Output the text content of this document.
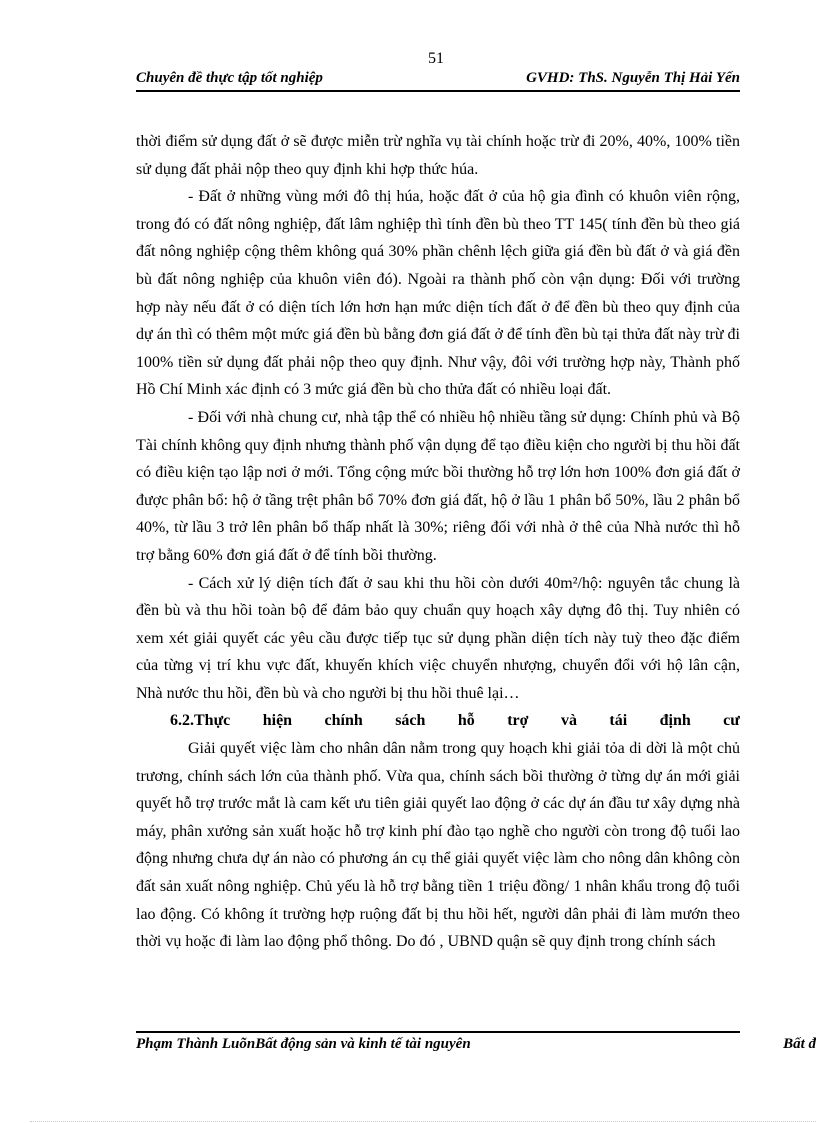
51
Chuyên đề thực tập tốt nghiệp	GVHD: ThS. Nguyễn Thị Hải Yến

thời điểm sử dụng đất ở sẽ được miễn trừ nghĩa vụ tài chính hoặc trừ đi 20%, 40%, 100% tiền sử dụng đất phải nộp theo quy định khi hợp thức húa.

- Đất ở những vùng mới đô thị húa, hoặc đất ở của hộ gia đình có khuôn viên rộng, trong đó có đất nông nghiệp, đất lâm nghiệp thì tính đền bù theo TT 145( tính đền bù theo giá đất nông nghiệp cộng thêm không quá 30% phần chênh lệch giữa giá đền bù đất ở và giá đền bù đất nông nghiệp của khuôn viên đó). Ngoài ra thành phố còn vận dụng: Đối với trường hợp này nếu đất ở có diện tích lớn hơn hạn mức diện tích đất ở để đền bù theo quy định của dự án thì có thêm một mức giá đền bù bằng đơn giá đất ở để tính đền bù tại thửa đất này trừ đi 100% tiền sử dụng đất phải nộp theo quy định. Như vậy, đôi với trường hợp này, Thành phố Hồ Chí Minh xác định có 3 mức giá đền bù cho thửa đất có nhiều loại đất.

- Đối với nhà chung cư, nhà tập thể có nhiều hộ nhiều tầng sử dụng: Chính phủ và Bộ Tài chính không quy định nhưng thành phố vận dụng để tạo điều kiện cho người bị thu hồi đất có điều kiện tạo lập nơi ở mới. Tổng cộng mức bồi thường hỗ trợ lớn hơn 100% đơn giá đất ở được phân bổ: hộ ở tầng trệt phân bổ 70% đơn giá đất, hộ ở lầu 1 phân bổ 50%, lầu 2 phân bổ 40%, từ lầu 3 trở lên phân bổ thấp nhất là 30%; riêng đối với nhà ở thê của Nhà nước thì hỗ trợ bằng 60% đơn giá đất ở để tính bồi thường.

- Cách xử lý diện tích đất ở sau khi thu hồi còn dưới 40m²/hộ: nguyên tắc chung là đền bù và thu hồi toàn bộ để đảm bảo quy chuẩn quy hoạch xây dựng đô thị. Tuy nhiên có xem xét giải quyết các yêu cầu được tiếp tục sử dụng phần diện tích này tuỳ theo đặc điểm của từng vị trí khu vực đất, khuyến khích việc chuyển nhượng, chuyển đổi với hộ lân cận, Nhà nước thu hồi, đền bù và cho người bị thu hồi thuê lại…

6.2.Thực hiện chính sách hỗ trợ và tái định cư

Giải quyết việc làm cho nhân dân nằm trong quy hoạch khi giải tỏa di dời là một chủ trương, chính sách lớn của thành phố. Vừa qua, chính sách bồi thường ở từng dự án mới giải quyết hỗ trợ trước mắt là cam kết ưu tiên giải quyết lao động ở các dự án đầu tư xây dựng nhà máy, phân xưởng sản xuất hoặc hỗ trợ kinh phí đào tạo nghề cho người còn trong độ tuổi lao động nhưng chưa dự án nào có phương án cụ thể giải quyết việc làm cho nông dân không còn đất sản xuất nông nghiệp. Chủ yếu là hỗ trợ bằng tiền 1 triệu đồng/ 1 nhân khẩu trong độ tuổi lao động. Có không ít trường hợp ruộng đất bị thu hồi hết, người dân phải đi làm mướn theo thời vụ hoặc đi làm lao động phổ thông. Do đó , UBND quận sẽ quy định trong chính sách

Phạm Thành LuõnBất động sản và kinh tế tài nguyên	Bất đ
